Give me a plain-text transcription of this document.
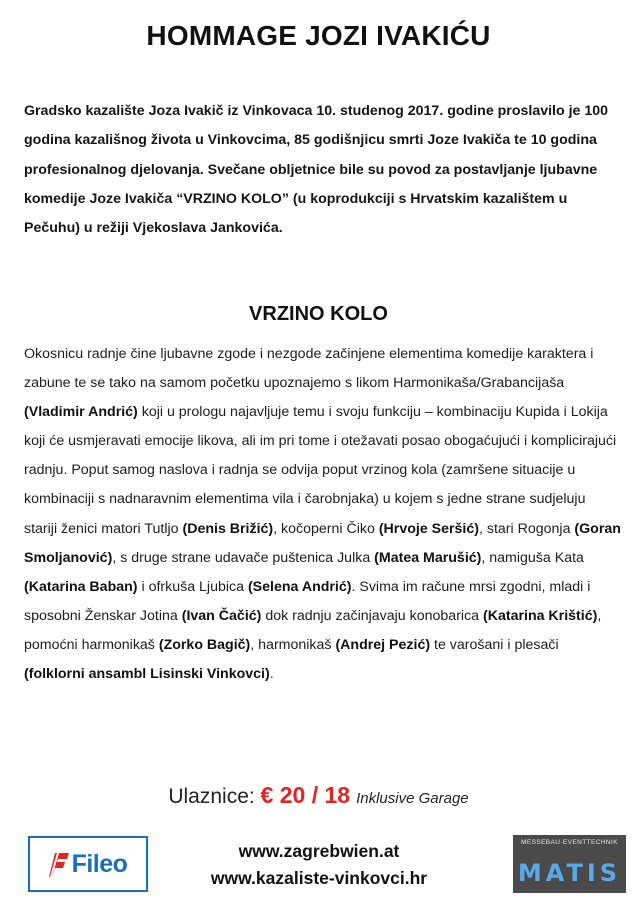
HOMMAGE JOZI IVAKIĆU
Gradsko kazalište Joza Ivakič iz Vinkovaca 10. studenog 2017. godine proslavilo je 100 godina kazališnog života u Vinkovcima, 85 godišnjicu smrti Joze Ivakiča te 10 godina profesionalnog djelovanja. Svečane obljetnice bile su povod za postavljanje ljubavne komedije Joze Ivakiča “VRZINO KOLO” (u koprodukciji s Hrvatskim kazalištem u Pečuhu) u režiji Vjekoslava Jankovića.
VRZINO KOLO
Okosnicu radnje čine ljubavne zgode i nezgode začinjene elementima komedije karaktera i zabune te se tako na samom početku upoznajemo s likom Harmonikaša/Grabancijaša (Vladimir Andrić) koji u prologu najavljuje temu i svoju funkciju – kombinaciju Kupida i Lokija koji će usmjeravati emocije likova, ali im pri tome i otežavati posao obogaćujući i komplicirajući radnju. Poput samog naslova i radnja se odvija poput vrzinog kola (zamršene situacije u kombinaciji s nadnaravnim elementima vila i čarobnjaka) u kojem s jedne strane sudjeluju stariji ženici matori Tutljo (Denis Brižić), kočoperni Čiko (Hrvoje Seršić), stari Rogonja (Goran Smoljanović), s druge strane udavače puštenica Julka (Matea Marušić), namiguša Kata (Katarina Baban) i ofrkuša Ljubica (Selena Andrić). Svima im račune mrsi zgodni, mladi i sposobni Ženskar Jotina (Ivan Čačić) dok radnju začinjavaju konobarica (Katarina Krištić), pomoćni harmonikaš (Zorko Bagič), harmonikaš (Andrej Pezić) te varošani i plesači (folklorni ansambl Lisinski Vinkovci).
Ulaznice: € 20 / 18 Inklusive Garage
www.zagrebwien.at
www.kazaliste-vinkovci.hr
Fileo
MESSEBAU·EVENTTECHNIK
MATIS
